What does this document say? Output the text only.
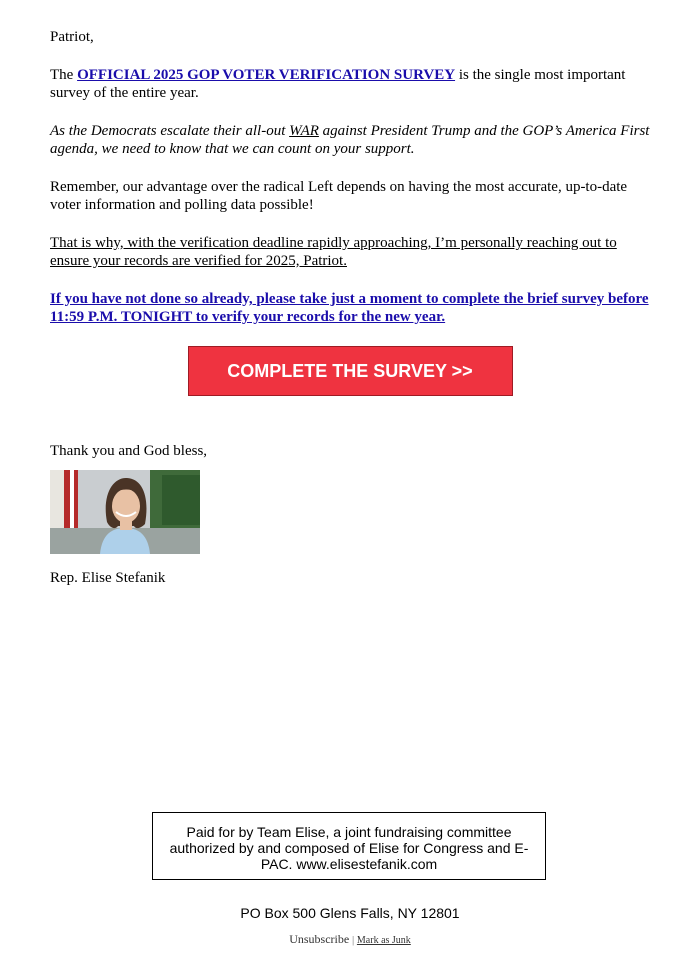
Patriot,

The OFFICIAL 2025 GOP VOTER VERIFICATION SURVEY is the single most important survey of the entire year.

As the Democrats escalate their all-out WAR against President Trump and the GOP’s America First agenda, we need to know that we can count on your support.

Remember, our advantage over the radical Left depends on having the most accurate, up-to-date voter information and polling data possible!

That is why, with the verification deadline rapidly approaching, I’m personally reaching out to ensure your records are verified for 2025, Patriot.

If you have not done so already, please take just a moment to complete the brief survey before 11:59 P.M. TONIGHT to verify your records for the new year.

COMPLETE THE SURVEY >>
Thank you and God bless,
Rep. Elise Stefanik
Paid for by Team Elise, a joint fundraising committee authorized by and composed of Elise for Congress and E-PAC. www.elisestefanik.com
PO Box 500 Glens Falls, NY 12801
Unsubscribe | Mark as Junk
